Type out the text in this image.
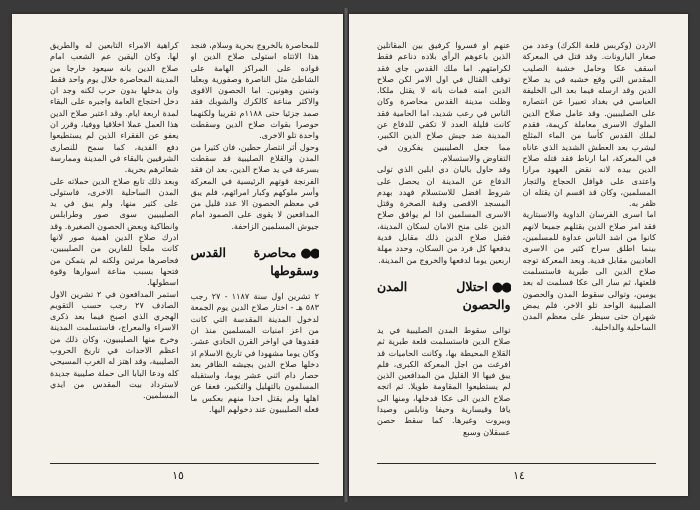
للمحاصرة بالخروج بحرية وسلام، فنجد هذا الاتتاه استولى صلاح الدين او قواده على المراكز الهامة على الشاطئ مثل الناصرة وصفورية وبعلبا وتبنين وهونين. اما الحصون الاقوى والاكثر مناعة كالكرك والشوبك فقد صمد جزئيا حتى ١١٨٨م تقريبا ولكنهما حوصرا بقوات صلاح الدين وسقطت واحدة تلو الاخرى.

وحول أثر انتصار حطين، فان كثيرا من المدن والقلاع الصليبية قد سقطت بسرعة في يد صلاح الدين، بعد ان فقد الفرنجة قوتهم الرئيسية في المعركة وأسر ملوكهم وكبار امرائهم، فلم يبق في معظم الحصون الا عدد قليل من المدافعين لا يقوى على الصمود امام جيوش المسلمين الزاحفة.

●●محاصرة القدس وسقوطها

٢ تشرين اول سنة ١١٨٧ - ٢٧ رجب ٥٨٣ هـ - اختار صلاح الدين يوم الجمعة لدخول المدينة المقدسة التي كانت من اعز امنيات المسلمين منذ ان فقدوها في اواخر القرن الحادي عشر. وكان يوما مشهودا في تاريخ الاسلام اذ دخلها صلاح الدين بجيشه الظافر بعد حصار دام اثني عشر يوما، واستقبله المسلمون بالتهليل والتكبير، فعفا عن اهلها ولم يقتل احدا منهم بعكس ما فعله الصليبيون عند دخولهم اليها.

كراهية الامراء التابعين له والطريق لها. وكان اليقين عم الشعب امام صلاح الدين بانه سيعود خارجا من المدينة المحاصرة خلال يوم واحد فقط وان يدخلها بدون حرب لكنه وجد ان دخل احتجاج العامة واجبره على البقاء لمدة اربعة ايام. وقد اعتبر صلاح الدين هذا العمل عملا اخلاقيا ووفيا، وقرر ان يعفو عن الفقراء الذين لم يستطيعوا دفع الفدية، كما سمح للنصارى الشرقيين بالبقاء في المدينة وممارسة شعائرهم بحرية.

وبعد ذلك تابع صلاح الدين حملاته على المدن الساحلية الاخرى، فاستولى على كثير منها، ولم يبق في يد الصليبيين سوى صور وطرابلس وانطاكية وبعض الحصون الصغيرة. وقد ادرك صلاح الدين اهمية صور لانها كانت ملجأ للفارين من الصليبيين، فحاصرها مرتين ولكنه لم يتمكن من فتحها بسبب مناعة اسوارها وقوة اسطولها.

استمر المدافعون في ٢ تشرين الاول الصادف ٢٧ رجب حسب التقويم الهجري الذي اصبح فيما بعد ذكرى الاسراء والمعراج، فاستسلمت المدينة وخرج منها الصليبيون، وكان ذلك من اعظم الاحداث في تاريخ الحروب الصليبية، وقد اهتز له الغرب المسيحي كله ودعا البابا الى حملة صليبية جديدة لاسترداد بيت المقدس من ايدي المسلمين.

١٥

الاردن (وكربس قلعة الكرك) وعدد من صغار البارونات. وقد قتل في المعركة اسقف عكا وحامل خشبة الصليب المقدس التي وقع خشبه في يد صلاح الدين وقد ارسله فيما بعد الى الخليفة العباسي في بغداد تعبيرا عن انتصاره على الصليبيين. وقد عامل صلاح الدين الملوك الاسرى معاملة كريمة، فقدم لملك القدس كأسا من الماء المثلج ليشرب بعد العطش الشديد الذي عاناه في المعركة، اما ارناط فقد قتله صلاح الدين بيده لانه نقض العهود مرارا واعتدى على قوافل الحجاج والتجار المسلمين، وكان قد اقسم ان يقتله ان ظفر به.

اما اسرى الفرسان الداوية والاسبتارية فقد امر صلاح الدين بقتلهم جميعا لانهم كانوا من اشد الناس عداوة للمسلمين، بينما اطلق سراح كثير من الاسرى العاديين مقابل فدية. وبعد المعركة توجه صلاح الدين الى طبرية فاستسلمت قلعتها، ثم سار الى عكا فسلمت له بعد يومين، وتوالى سقوط المدن والحصون الصليبية الواحد تلو الاخر، فلم يمض شهران حتى سيطر على معظم المدن الساحلية والداخلية.

عنهم او فسروا كرفيق بين المقاتلين الذين باعوهم الرأي بلاده دناعم فقط لكرامتهم. اما ملك القدس جاي فقد توقف القتال في اول الامر لكن صلاح الدين امنه فمات بانه لا يقتل ملكا. وظلت مدينة القدس محاصرة وكان الناس في رعب شديد، اما الحامية فقد كانت قليلة العدد لا تكفي للدفاع عن المدينة ضد جيش صلاح الدين الكبير، مما جعل الصليبيين يفكرون في التفاوض والاستسلام.

وقد حاول باليان دي ابلين الذي تولى الدفاع عن المدينة ان يحصل على شروط افضل للاستسلام فهدد بهدم المسجد الاقصى وقبة الصخرة وقتل الاسرى المسلمين اذا لم يوافق صلاح الدين على منح الامان لسكان المدينة، فقبل صلاح الدين ذلك مقابل فدية يدفعها كل فرد من السكان، وحدد مهلة اربعين يوما لدفعها والخروج من المدينة.

●●احتلال المدن والحصون

توالى سقوط المدن الصليبية في يد صلاح الدين فاستسلمت قلعة طبرية ثم القلاع المحيطة بها، وكانت الحاميات قد افرغت من اجل المعركة الكبرى، فلم يبق فيها الا القليل من المدافعين الذين لم يستطيعوا المقاومة طويلا. ثم اتجه صلاح الدين الى عكا فدخلها، ومنها الى يافا وقيسارية وحيفا ونابلس وصيدا وبيروت وغيرها. كما سقط حصن عسقلان وسبع

١٤
